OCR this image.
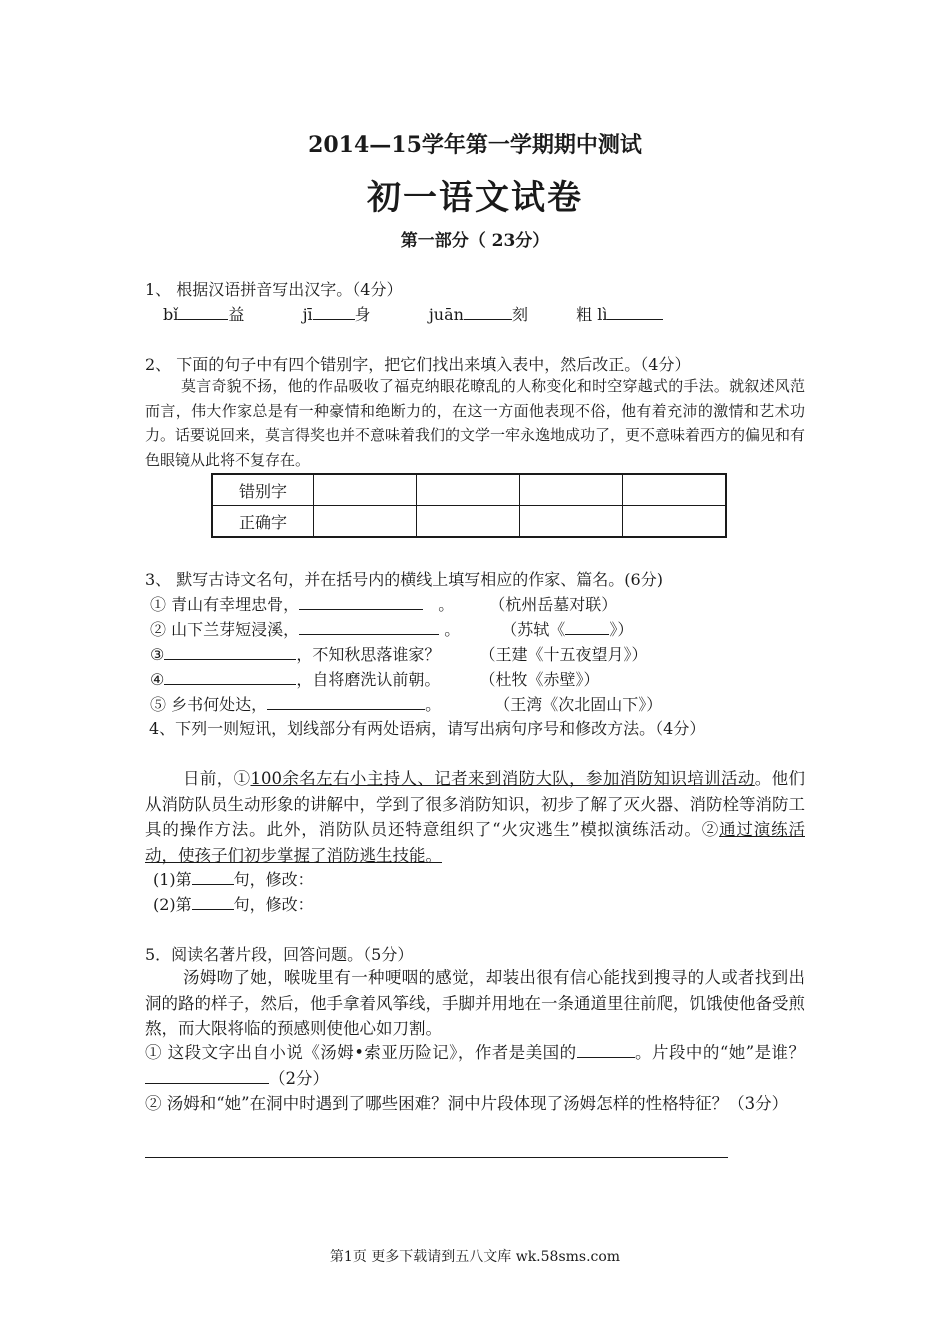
2014—15学年第一学期期中测试
初一语文试卷
第一部分（ 23分）
1、 根据汉语拼音写出汉字。（4分）
bǐ	益	jī	身	juān	刻	粗 lì
2、 下面的句子中有四个错别字，把它们找出来填入表中，然后改正。（4分）
莫言奇貌不扬，他的作品吸收了福克纳眼花暸乱的人称变化和时空穿越式的手法。就叙述风范而言，伟大作家总是有一种豪情和绝断力的，在这一方面他表现不俗，他有着充沛的激情和艺术功力。话要说回来，莫言得奖也并不意味着我们的文学一牢永逸地成功了，更不意味着西方的偏见和有色眼镜从此将不复存在。
错别字				
正确字				
3、 默写古诗文名句，并在括号内的横线上填写相应的作家、篇名。(6分)
① 青山有幸埋忠骨，	。 （杭州岳墓对联）
② 山下兰芽短浸溪，	。	（苏轼《	》）
③	，不知秋思落谁家？ （王建《十五夜望月》）
④	，自将磨洗认前朝。 （杜牧《赤壁》）
⑤ 乡书何处达，	。	（王湾《次北固山下》）
4、下列一则短讯，划线部分有两处语病，请写出病句序号和修改方法。（4分）
日前，①100余名左右小主持人、记者来到消防大队，参加消防知识培训活动。他们从消防队员生动形象的讲解中，学到了很多消防知识，初步了解了灭火器、消防栓等消防工具的操作方法。此外，消防队员还特意组织了“火灾逃生”模拟演练活动。②通过演练活动，使孩子们初步掌握了消防逃生技能。
(1)第	句，修改：
(2)第	句，修改：
5．阅读名著片段，回答问题。（5分）
汤姆吻了她，喉咙里有一种哽咽的感觉，却装出很有信心能找到搜寻的人或者找到出洞的路的样子，然后，他手拿着风筝线，手脚并用地在一条通道里往前爬，饥饿使他备受煎熬，而大限将临的预感则使他心如刀割。
① 这段文字出自小说《汤姆•索亚历险记》，作者是美国的	。片段中的“她”是谁？（2分）
② 汤姆和“她”在洞中时遇到了哪些困难？洞中片段体现了汤姆怎样的性格特征？（3分）
第1页 更多下载请到五八文库 wk.58sms.com
